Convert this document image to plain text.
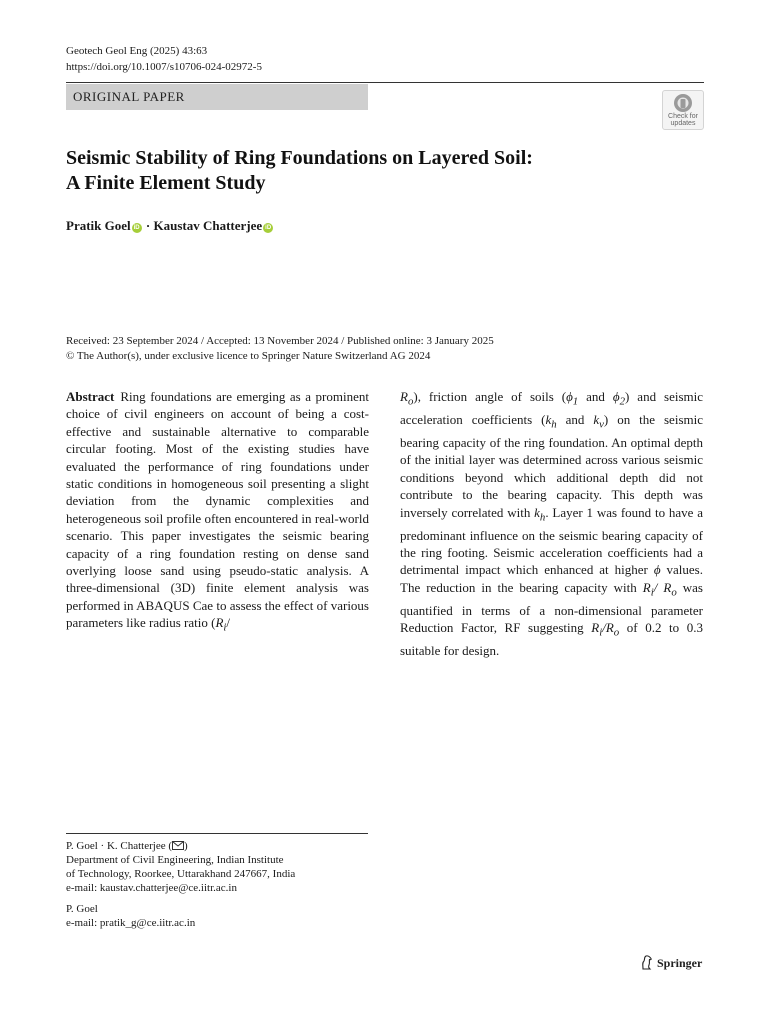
Geotech Geol Eng (2025) 43:63
https://doi.org/10.1007/s10706-024-02972-5
ORIGINAL PAPER
Check for
updates
Seismic Stability of Ring Foundations on Layered Soil:
A Finite Element Study
Pratik Goel iD · Kaustav Chatterjee iD
Received: 23 September 2024 / Accepted: 13 November 2024 / Published online: 3 January 2025
© The Author(s), under exclusive licence to Springer Nature Switzerland AG 2024
Abstract Ring foundations are emerging as a prominent choice of civil engineers on account of being a cost-effective and sustainable alternative to comparable circular footing. Most of the existing studies have evaluated the performance of ring foundations under static conditions in homogeneous soil presenting a slight deviation from the dynamic complexities and heterogeneous soil profile often encountered in real-world scenario. This paper investigates the seismic bearing capacity of a ring foundation resting on dense sand overlying loose sand using pseudo-static analysis. A three-dimensional (3D) finite element analysis was performed in ABAQUS Cae to assess the effect of various parameters like radius ratio ($R_i/$
$R_o$), friction angle of soils ($\phi_1$ and $\phi_2$) and seismic acceleration coefficients ($k_h$ and $k_v$) on the seismic bearing capacity of the ring foundation. An optimal depth of the initial layer was determined across various seismic conditions beyond which additional depth did not contribute to the bearing capacity. This depth was inversely correlated with $k_h$. Layer 1 was found to have a predominant influence on the seismic bearing capacity of the ring footing. Seismic acceleration coefficients had a detrimental impact which enhanced at higher ϕ values. The reduction in the bearing capacity with $R_i/$ $R_o$ was quantified in terms of a non-dimensional parameter Reduction Factor, RF suggesting $R_i/R_o$ of 0.2 to 0.3 suitable for design.
P. Goel · K. Chatterjee ( )
Department of Civil Engineering, Indian Institute
of Technology, Roorkee, Uttarakhand 247667, India
e-mail: kaustav.chatterjee@ce.iitr.ac.in
P. Goel
e-mail: pratik_g@ce.iitr.ac.in
Springer
